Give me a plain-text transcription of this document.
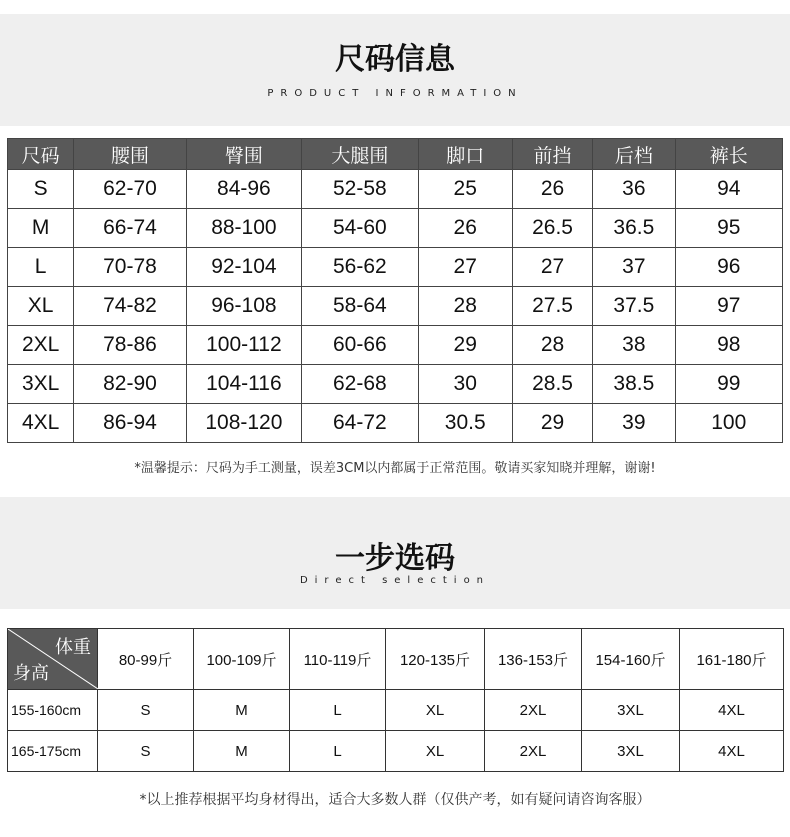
尺码信息
PRODUCT INFORMATION
尺码	腰围	臀围	大腿围	脚口	前挡	后档	裤长
S	62-70	84-96	52-58	25	26	36	94
M	66-74	88-100	54-60	26	26.5	36.5	95
L	70-78	92-104	56-62	27	27	37	96
XL	74-82	96-108	58-64	28	27.5	37.5	97
2XL	78-86	100-112	60-66	29	28	38	98
3XL	82-90	104-116	62-68	30	28.5	38.5	99
4XL	86-94	108-120	64-72	30.5	29	39	100
*温馨提示：尺码为手工测量，误差3CM以内都属于正常范围。敬请买家知晓并理解，谢谢!
一步选码
Direct selection
体重
身高	80-99斤	100-109斤	110-119斤	120-135斤	136-153斤	154-160斤	161-180斤
155-160cm	S	M	L	XL	2XL	3XL	4XL
165-175cm	S	M	L	XL	2XL	3XL	4XL
*以上推荐根据平均身材得出，适合大多数人群（仅供产考，如有疑问请咨询客服）
